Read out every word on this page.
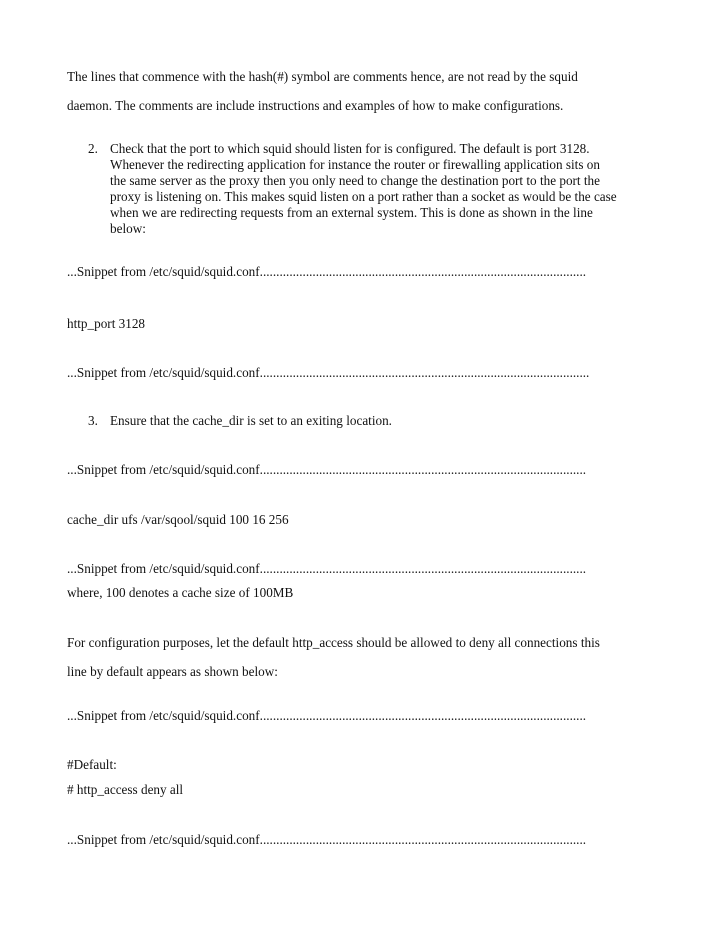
The lines that commence with the hash(#) symbol are comments hence, are not read by the squid
daemon. The comments are include instructions and examples of how to make configurations.
2. Check that the port to which squid should listen for is configured. The default is port 3128.
Whenever the redirecting application for instance the router or firewalling application sits on
the same server as the proxy then you only need to change the destination port to the port the
proxy is listening on. This makes squid listen on a port rather than a socket as would be the case
when we are redirecting requests from an external system. This is done as shown in the line
below:

...Snippet from /etc/squid/squid.conf...................................................................................................

http_port 3128

...Snippet from /etc/squid/squid.conf....................................................................................................

3. Ensure that the cache_dir is set to an exiting location.

...Snippet from /etc/squid/squid.conf...................................................................................................

cache_dir ufs /var/sqool/squid 100 16 256

...Snippet from /etc/squid/squid.conf...................................................................................................

where, 100 denotes a cache size of 100MB

For configuration purposes, let the default http_access should be allowed to deny all connections this
line by default appears as shown below:

...Snippet from /etc/squid/squid.conf...................................................................................................

#Default:

# http_access deny all

...Snippet from /etc/squid/squid.conf...................................................................................................
